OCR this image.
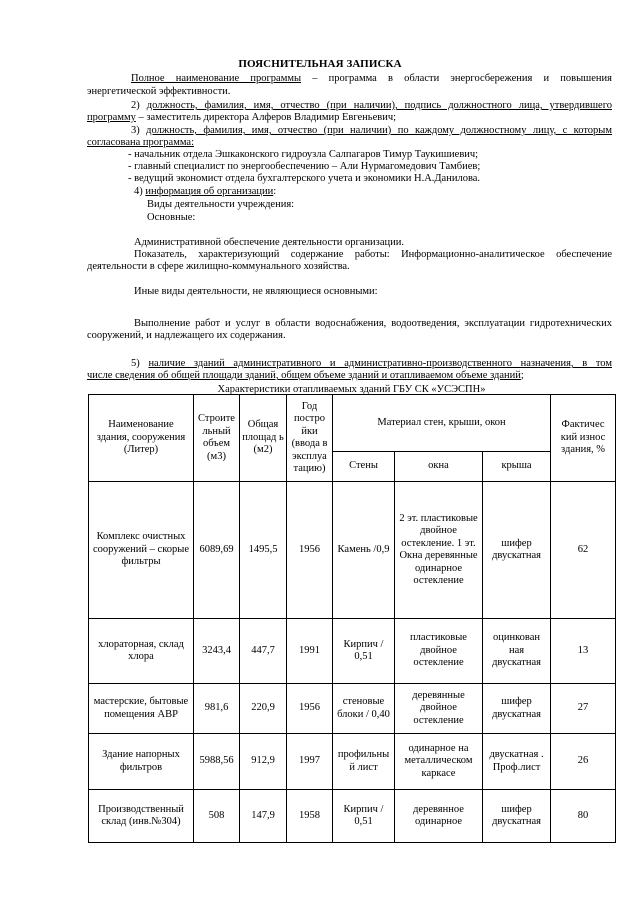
ПОЯСНИТЕЛЬНАЯ ЗАПИСКА
Полное наименование программы – программа в области энергосбережения и повышения
энергетической эффективности.
2) должность, фамилия, имя, отчество (при наличии), подпись должностного лица, утвердившего
программу – заместитель директора Алферов Владимир Евгеньевич;
3) должность, фамилия, имя, отчество (при наличии) по каждому должностному лицу, с которым
согласована программа:
- начальник отдела Эшкаконского гидроузла Салпагаров Тимур Таукишиевич;
- главный специалист по энергообеспечению – Али Нурмагомедович Тамбиев;
- ведущий экономист отдела бухгалтерского учета и экономики Н.А.Данилова.
4) информация об организации:
Виды деятельности учреждения:
Основные:
Административной обеспечение деятельности организации.
Показатель, характеризующий содержание работы: Информационно-аналитическое обеспечение
деятельности в сфере жилищно-коммунального хозяйства.
Иные виды деятельности, не являющиеся основными:
Выполнение работ и услуг в области водоснабжения, водоотведения, эксплуатации гидротехнических
сооружений, и надлежащего их содержания.
5) наличие зданий административного и административно-производственного назначения, в том
числе сведения об общей площади зданий, общем объеме зданий и отапливаемом объеме зданий;
Характеристики отапливаемых зданий ГБУ СК «УСЭСПН»
Наименование здания, сооружения (Литер)	Строите льный объем (м3)	Общая площад ь (м2)	Год постро йки (ввода в эксплуа тацию)	Материал стен, крыши, окон			Фактичес кий износ здания, %
				Стены	окна	крыша	
Комплекс очистных сооружений – скорые фильтры	6089,69	1495,5	1956	Камень /0,9	2 эт. пластиковые двойное остекление. 1 эт. Окна деревянные одинарное остекление	шифер двускатная	62
хлораторная, склад хлора	3243,4	447,7	1991	Кирпич / 0,51	пластиковые двойное остекление	оцинкован ная двускатная	13
мастерские, бытовые помещения АВР	981,6	220,9	1956	стеновые блоки / 0,40	деревянные двойное остекление	шифер двускатная	27
Здание напорных фильтров	5988,56	912,9	1997	профильны й лист	одинарное на металлическом каркасе	двускатная . Проф.лист	26
Производственный склад (инв.№304)	508	147,9	1958	Кирпич / 0,51	деревянное одинарное	шифер двускатная	80
